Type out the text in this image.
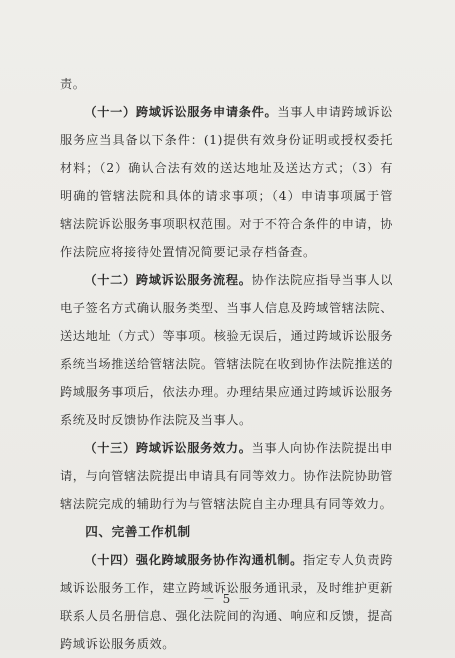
责。

（十一）跨域诉讼服务申请条件。当事人申请跨域诉讼服务应当具备以下条件：(1)提供有效身份证明或授权委托材料；（2）确认合法有效的送达地址及送达方式；（3）有明确的管辖法院和具体的请求事项；（4）申请事项属于管辖法院诉讼服务事项职权范围。对于不符合条件的申请，协作法院应将接待处置情况简要记录存档备查。

（十二）跨域诉讼服务流程。协作法院应指导当事人以电子签名方式确认服务类型、当事人信息及跨域管辖法院、送达地址（方式）等事项。核验无误后，通过跨域诉讼服务系统当场推送给管辖法院。管辖法院在收到协作法院推送的跨域服务事项后，依法办理。办理结果应通过跨域诉讼服务系统及时反馈协作法院及当事人。

（十三）跨域诉讼服务效力。当事人向协作法院提出申请，与向管辖法院提出申请具有同等效力。协作法院协助管辖法院完成的辅助行为与管辖法院自主办理具有同等效力。

四、完善工作机制

（十四）强化跨域服务协作沟通机制。指定专人负责跨域诉讼服务工作，建立跨域诉讼服务通讯录，及时维护更新联系人员名册信息、强化法院间的沟通、响应和反馈，提高跨域诉讼服务质效。

－ 5 －
